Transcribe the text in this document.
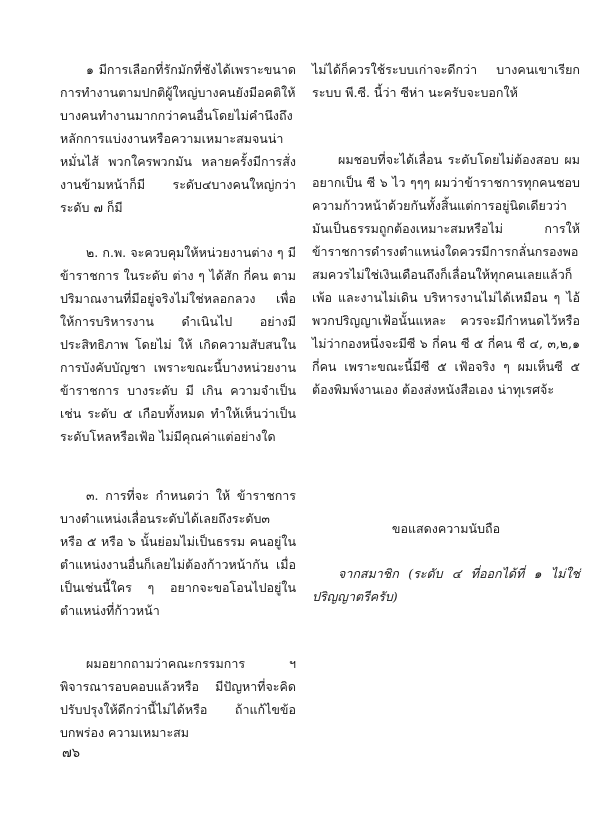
๑ มีการเลือกที่รักมักที่ชังได้เพราะขนาดการทำงานตามปกติผู้ใหญ่บางคนยังมีอคติให้บางคนทำงานมากกว่าคนอื่นโดยไม่คำนึงถึงหลักการแบ่งงานหรือความเหมาะสมจนน่าหมั่นไส้ พวกใครพวกมัน หลายครั้งมีการสั่งงานข้ามหน้าก็มี ระดับ๔บางคนใหญ่กว่าระดับ ๗ ก็มี

๒. ก.พ. จะควบคุมให้หน่วยงานต่าง ๆ มีข้าราชการ ในระดับ ต่าง ๆ ได้สัก กี่คน ตาม ปริมาณงานที่มีอยู่จริงไม่ใช่หลอกลวง เพื่อให้การบริหารงาน ดำเนินไป อย่างมี ประสิทธิภาพ โดยไม่ ให้ เกิดความสับสนในการบังคับบัญชา เพราะขณะนี้บางหน่วยงาน ข้าราชการ บางระดับ มี เกิน ความจำเป็น เช่น ระดับ ๕ เกือบทั้งหมด ทำให้เห็นว่าเป็นระดับโหลหรือเฟ้อ ไม่มีคุณค่าแต่อย่างใด

๓. การที่จะ กำหนดว่า ให้ ข้าราชการ บางตำแหน่งเลื่อนระดับได้เลยถึงระดับ๓ หรือ ๕ หรือ ๖ นั้นย่อมไม่เป็นธรรม คนอยู่ในตำแหน่งงานอื่นก็เลยไม่ต้องก้าวหน้ากัน เมื่อเป็นเช่นนี้ใคร ๆ อยากจะขอโอนไปอยู่ในตำแหน่งที่ก้าวหน้า

ผมอยากถามว่าคณะกรรมการ ฯ พิจารณารอบคอบแล้วหรือ มีปัญหาที่จะคิดปรับปรุงให้ดีกว่านี้ไม่ได้หรือ ถ้าแก้ไขข้อบกพร่อง ความเหมาะสม

ไม่ได้ก็ควรใช้ระบบเก่าจะดีกว่า บางคนเขาเรียกระบบ พี.ซี. นี้ว่า ซีห่า นะครับจะบอกให้

ผมชอบที่จะได้เลื่อน ระดับโดยไม่ต้องสอบ ผมอยากเป็น ซี ๖ ไว ๆๆๆ ผมว่าข้าราชการทุกคนชอบความก้าวหน้าด้วยกันทั้งสิ้นแต่การอยู่นิดเดียวว่ามันเป็นธรรมถูกต้องเหมาะสมหรือไม่ การให้ข้าราชการดำรงตำแหน่งใดควรมีการกลั่นกรองพอสมควรไม่ใช่เงินเดือนถึงก็เลื่อนให้ทุกคนเลยแล้วก็เพ้อ และงานไม่เดิน บริหารงานไม่ได้เหมือน ๆ ไอ้พวกปริญญาเฟ้อนั้นแหละ ควรจะมีกำหนดไว้หรือไม่ว่ากองหนึ่งจะมีซี ๖ กี่คน ซี ๕ กี่คน ซี ๔, ๓,๒,๑ กี่คน เพราะขณะนี้มีซี ๕ เฟ้อจริง ๆ ผมเห็นซี ๕ ต้องพิมพ์งานเอง ต้องส่งหนังสือเอง น่าทุเรศจ้ะ

ขอแสดงความนับถือ

จากสมาชิก (ระดับ ๔ ที่ออกได้ที่ ๑ ไม่ใช่ ปริญญาตรีครับ)

๗๖
